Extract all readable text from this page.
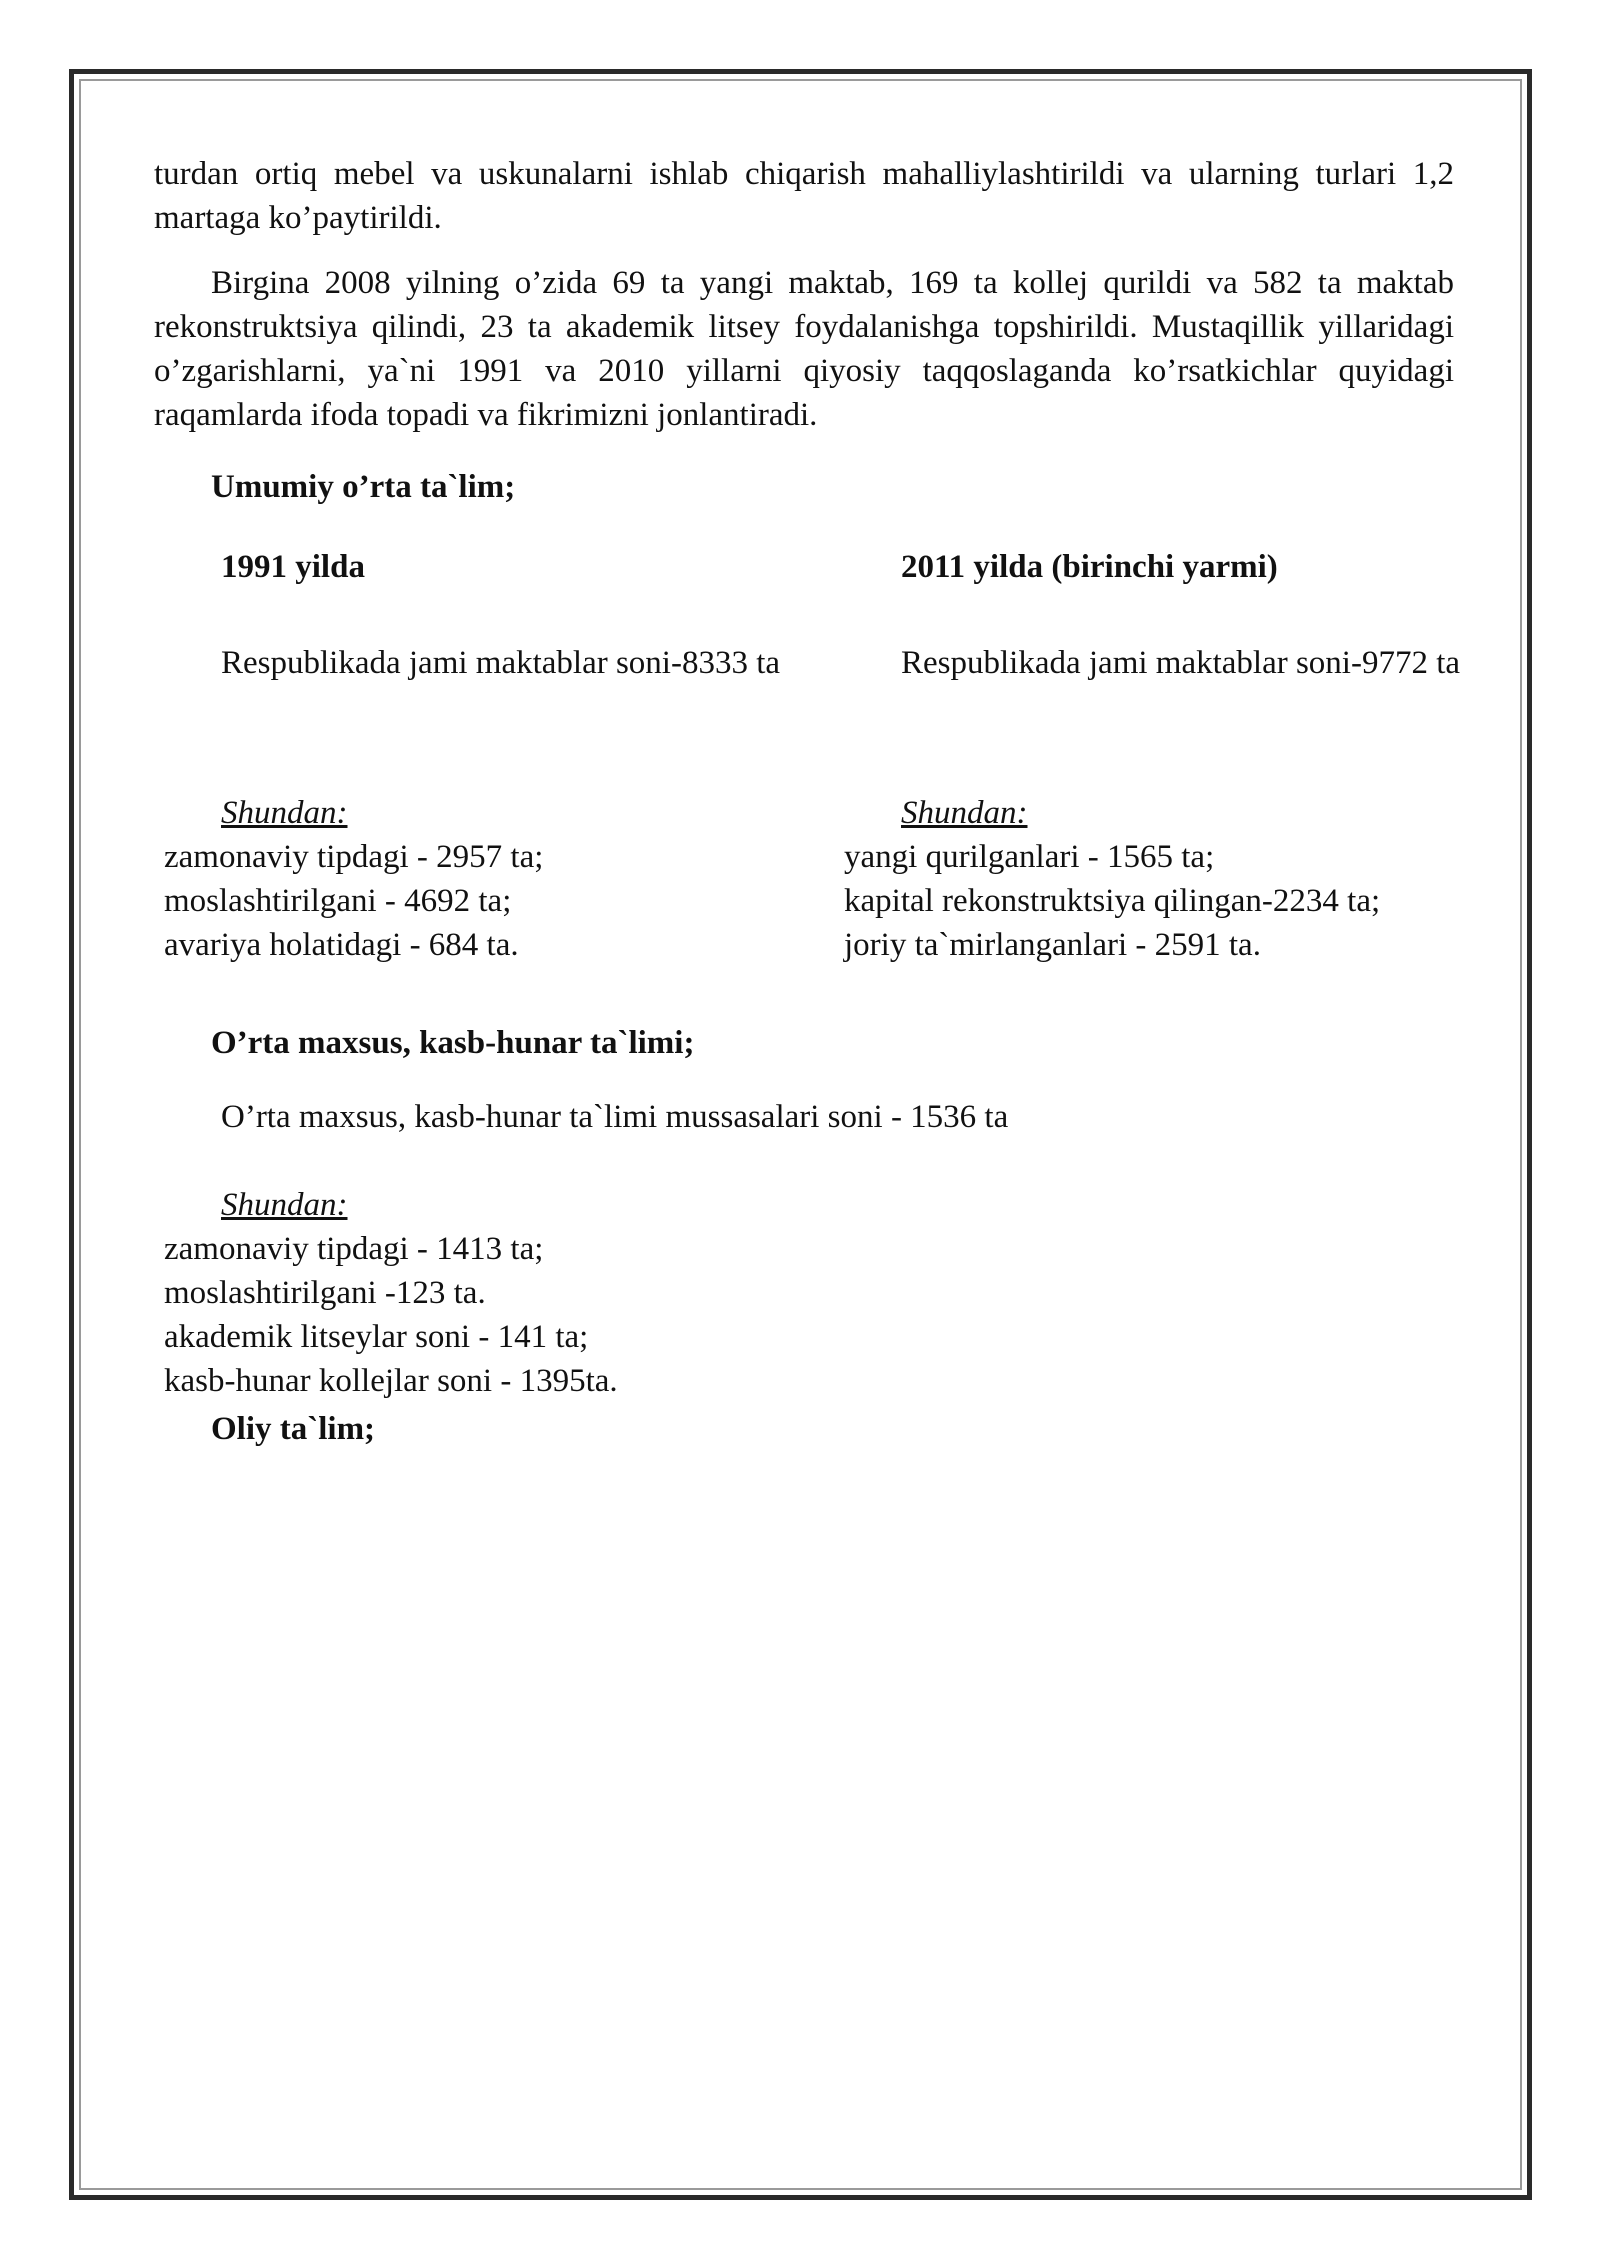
turdan ortiq mebel va uskunalarni ishlab chiqarish mahalliylashtirildi va ularning turlari 1,2 martaga ko’paytirildi.

Birgina 2008 yilning o’zida 69 ta yangi maktab, 169 ta kollej qurildi va 582 ta maktab rekonstruktsiya qilindi, 23 ta akademik litsey foydalanishga topshirildi. Mustaqillik yillaridagi o’zgarishlarni, ya`ni 1991 va 2010 yillarni qiyosiy taqqoslaganda ko’rsatkichlar quyidagi raqamlarda ifoda topadi va fikrimizni jonlantiradi.

Umumiy o’rta ta`lim;

1991 yilda

Respublikada jami maktablar soni-8333 ta

Shundan:

zamonaviy tipdagi - 2957 ta;

moslashtirilgani - 4692 ta;

avariya holatidagi - 684 ta.

2011 yilda (birinchi yarmi)

Respublikada jami maktablar soni-9772 ta

Shundan:

yangi qurilganlari - 1565 ta;

kapital rekonstruktsiya qilingan-2234 ta;

joriy ta`mirlanganlari - 2591 ta.

O’rta maxsus, kasb-hunar ta`limi;

O’rta maxsus, kasb-hunar ta`limi mussasalari soni - 1536 ta

Shundan:

zamonaviy tipdagi - 1413 ta;

moslashtirilgani -123 ta.

akademik litseylar soni - 141 ta;

kasb-hunar kollejlar soni - 1395ta.

Oliy ta`lim;
